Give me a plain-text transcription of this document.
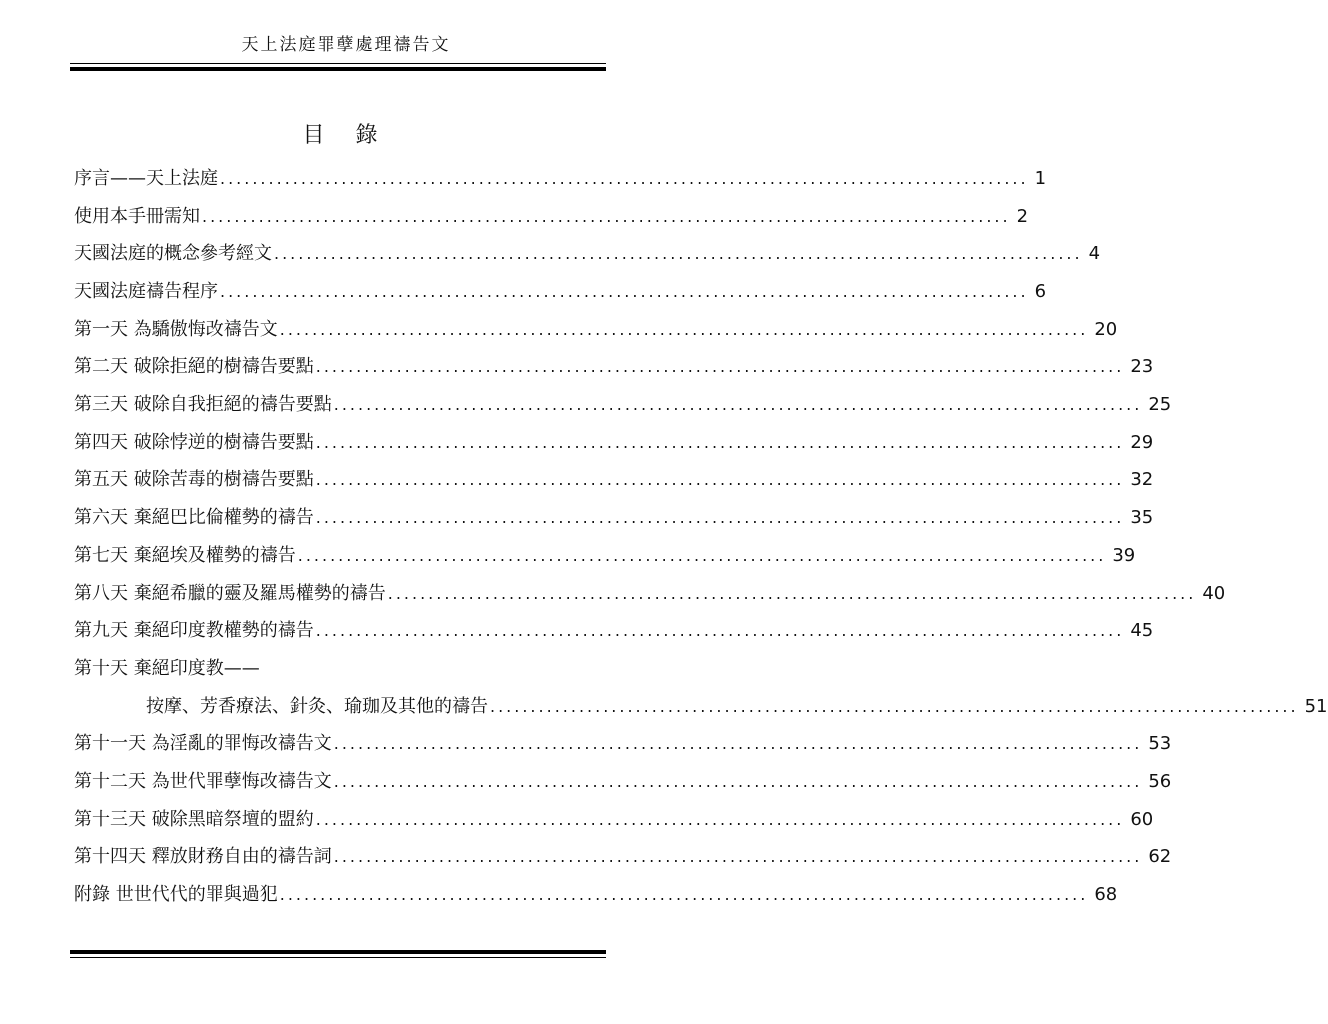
天上法庭罪孽處理禱告文
目 錄
序言——天上法庭 .................................................................................................... 1
使用本手冊需知 .................................................................................................... 2
天國法庭的概念參考經文 .................................................................................................... 4
天國法庭禱告程序 .................................................................................................... 6
第一天 為驕傲悔改禱告文 .................................................................................................... 20
第二天 破除拒絕的樹禱告要點 .................................................................................................... 23
第三天 破除自我拒絕的禱告要點 .................................................................................................... 25
第四天 破除悖逆的樹禱告要點 .................................................................................................... 29
第五天 破除苦毒的樹禱告要點 .................................................................................................... 32
第六天 棄絕巴比倫權勢的禱告 .................................................................................................... 35
第七天 棄絕埃及權勢的禱告 .................................................................................................... 39
第八天 棄絕希臘的靈及羅馬權勢的禱告 .................................................................................................... 40
第九天 棄絕印度教權勢的禱告 .................................................................................................... 45
第十天 棄絕印度教——
按摩、芳香療法、針灸、瑜珈及其他的禱告 .................................................................................................... 51
第十一天 為淫亂的罪悔改禱告文 .................................................................................................... 53
第十二天 為世代罪孽悔改禱告文 .................................................................................................... 56
第十三天 破除黑暗祭壇的盟約 .................................................................................................... 60
第十四天 釋放財務自由的禱告詞 .................................................................................................... 62
附錄 世世代代的罪與過犯 .................................................................................................... 68
